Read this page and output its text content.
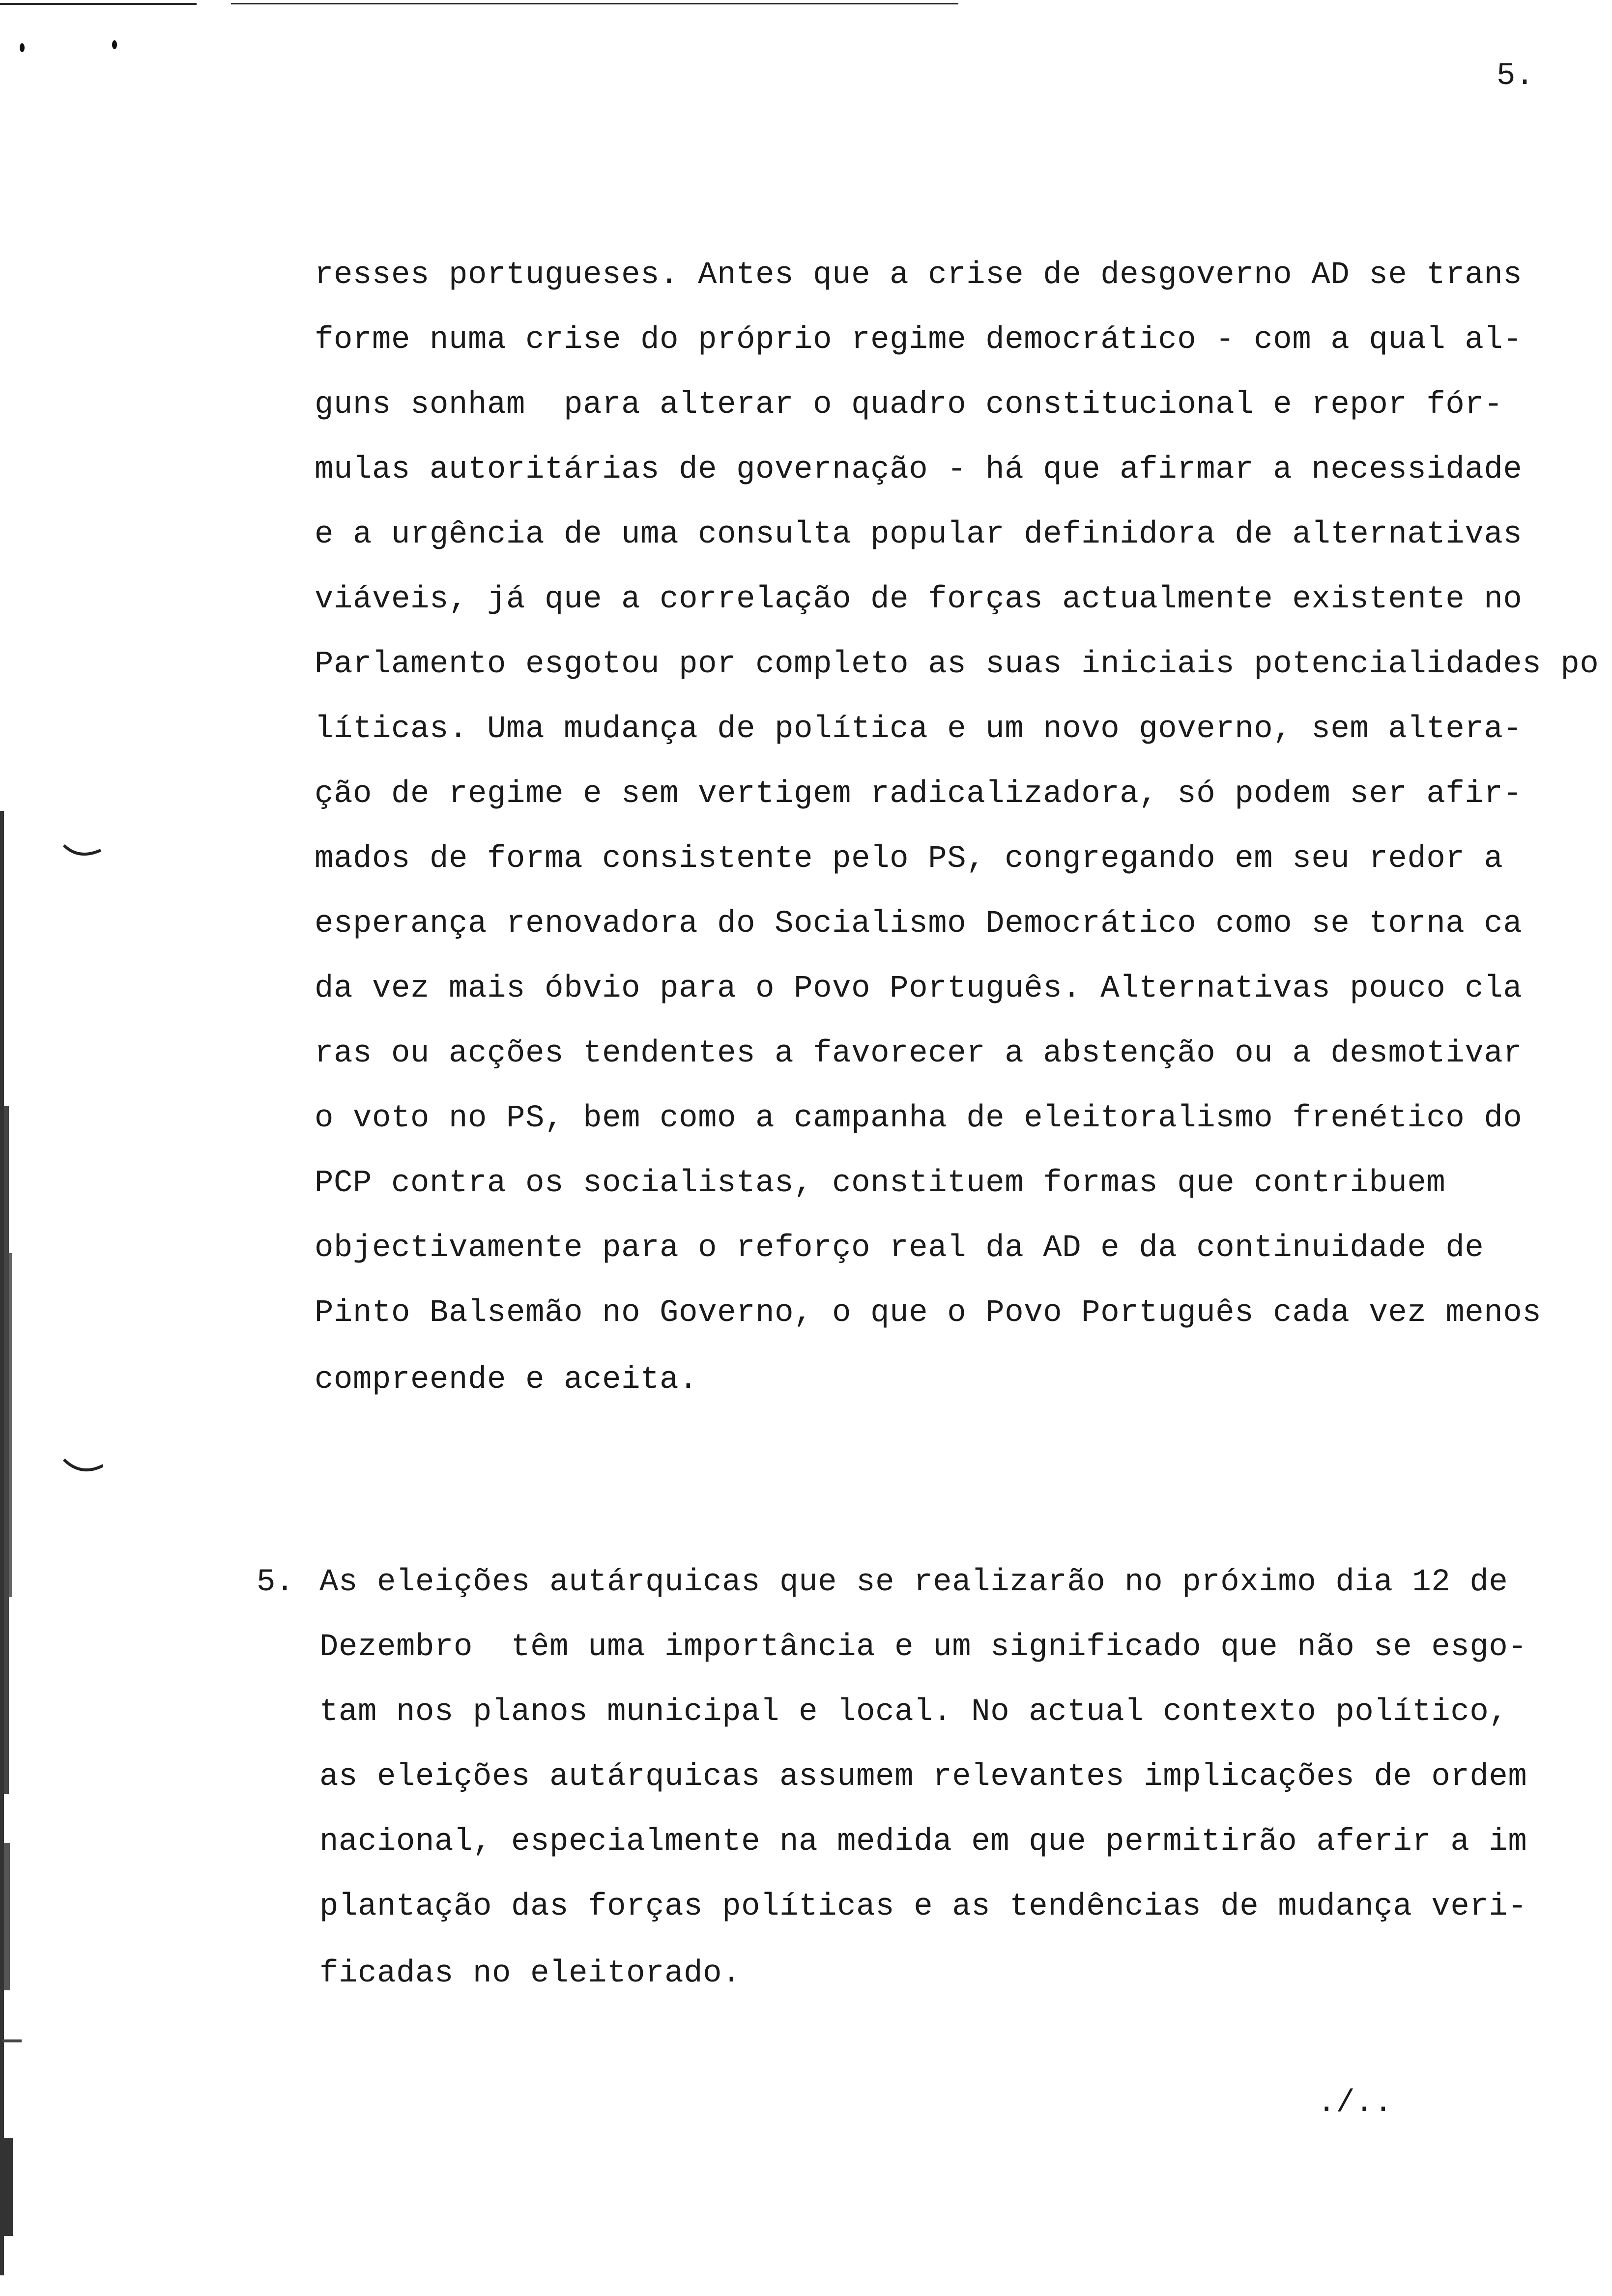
5.
resses portugueses. Antes que a crise de desgoverno AD se trans
forme numa crise do próprio regime democrático - com a qual al-
guns sonham  para alterar o quadro constitucional e repor fór-
mulas autoritárias de governação - há que afirmar a necessidade
e a urgência de uma consulta popular definidora de alternativas
viáveis, já que a correlação de forças actualmente existente no
Parlamento esgotou por completo as suas iniciais potencialidades po
líticas. Uma mudança de política e um novo governo, sem altera-
ção de regime e sem vertigem radicalizadora, só podem ser afir-
mados de forma consistente pelo PS, congregando em seu redor a
esperança renovadora do Socialismo Democrático como se torna ca
da vez mais óbvio para o Povo Português. Alternativas pouco cla
ras ou acções tendentes a favorecer a abstenção ou a desmotivar
o voto no PS, bem como a campanha de eleitoralismo frenético do
PCP contra os socialistas, constituem formas que contribuem
objectivamente para o reforço real da AD e da continuidade de
Pinto Balsemão no Governo, o que o Povo Português cada vez menos
compreende e aceita.
5. As eleições autárquicas que se realizarão no próximo dia 12 de
Dezembro  têm uma importância e um significado que não se esgo-
tam nos planos municipal e local. No actual contexto político,
as eleições autárquicas assumem relevantes implicações de ordem
nacional, especialmente na medida em que permitirão aferir a im
plantação das forças políticas e as tendências de mudança veri-
ficadas no eleitorado.
./..
